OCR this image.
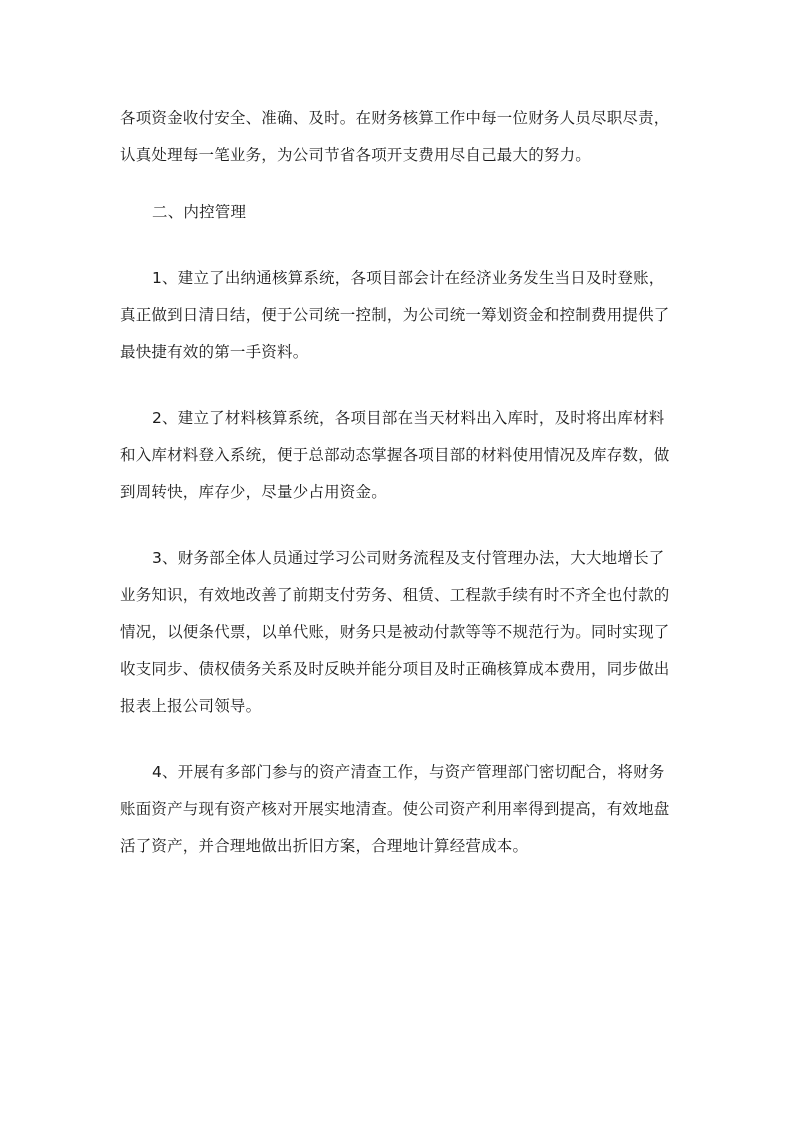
各项资金收付安全、准确、及时。在财务核算工作中每一位财务人员尽职尽责，
认真处理每一笔业务，为公司节省各项开支费用尽自己最大的努力。
二、内控管理
1、建立了出纳通核算系统，各项目部会计在经济业务发生当日及时登账，
真正做到日清日结，便于公司统一控制，为公司统一筹划资金和控制费用提供了
最快捷有效的第一手资料。
2、建立了材料核算系统，各项目部在当天材料出入库时，及时将出库材料
和入库材料登入系统，便于总部动态掌握各项目部的材料使用情况及库存数，做
到周转快，库存少，尽量少占用资金。
3、财务部全体人员通过学习公司财务流程及支付管理办法，大大地增长了
业务知识，有效地改善了前期支付劳务、租赁、工程款手续有时不齐全也付款的
情况，以便条代票，以单代账，财务只是被动付款等等不规范行为。同时实现了
收支同步、债权债务关系及时反映并能分项目及时正确核算成本费用，同步做出
报表上报公司领导。
4、开展有多部门参与的资产清查工作，与资产管理部门密切配合，将财务
账面资产与现有资产核对开展实地清查。使公司资产利用率得到提高，有效地盘
活了资产，并合理地做出折旧方案，合理地计算经营成本。
